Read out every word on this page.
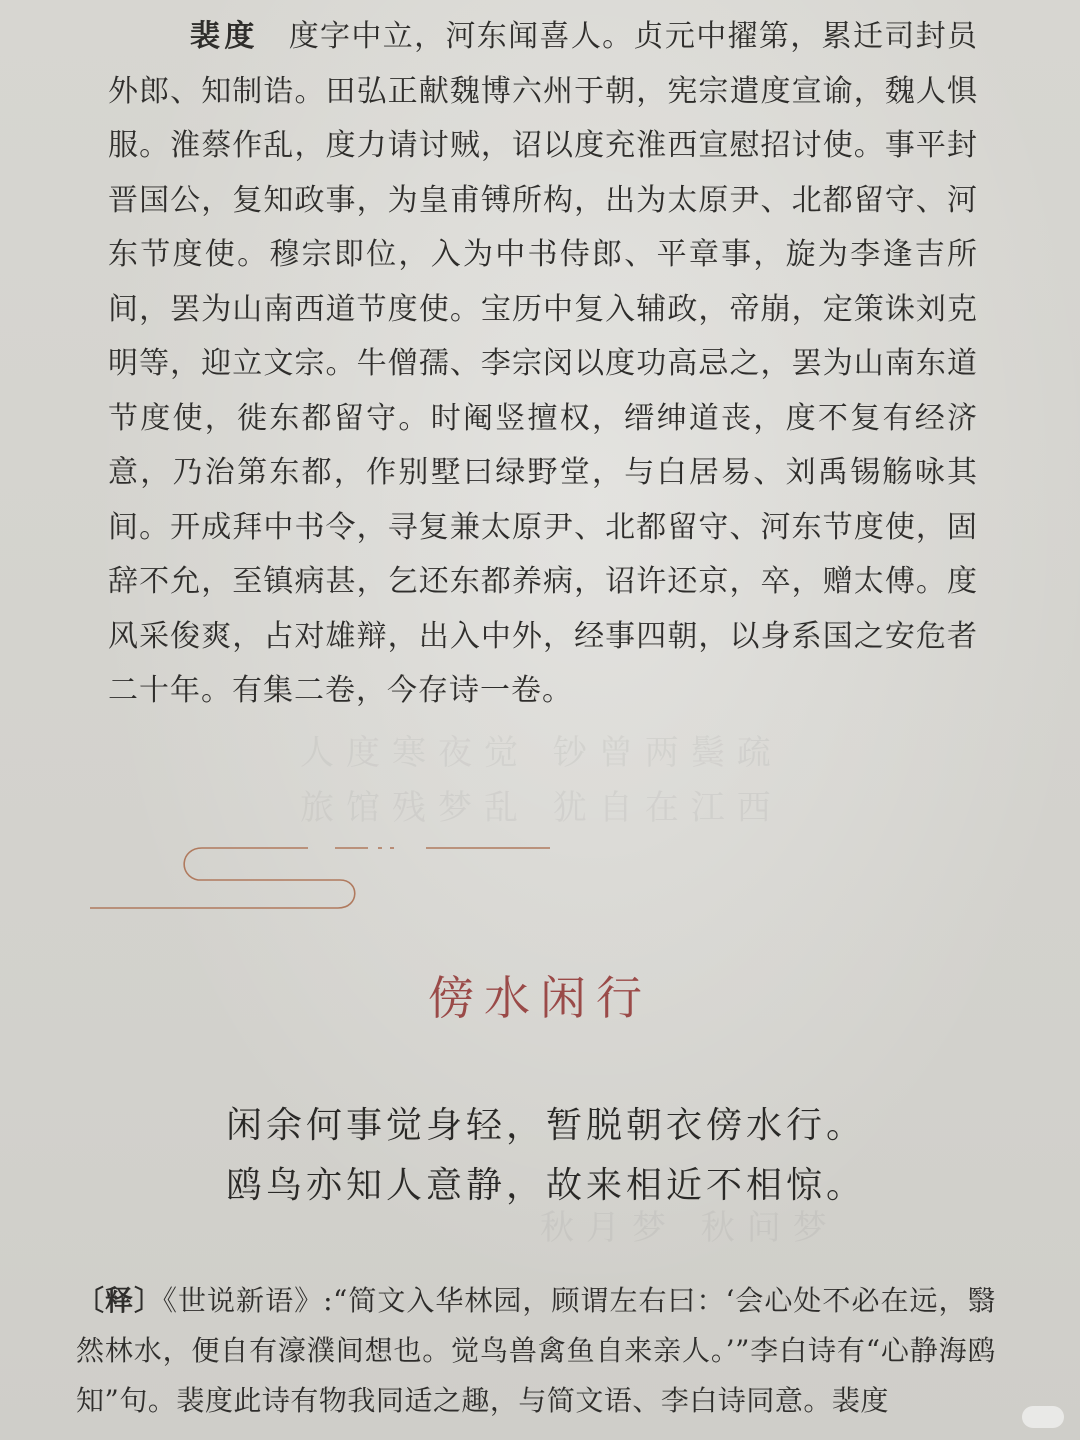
人度寒夜觉 钞曾两鬓疏
旅馆残梦乱 犹自在江西
秋月梦 秋问梦
裴度 度字中立，河东闻喜人。贞元中擢第，累迁司封员外郎、知制诰。田弘正献魏博六州于朝，宪宗遣度宣谕，魏人惧服。淮蔡作乱，度力请讨贼，诏以度充淮西宣慰招讨使。事平封晋国公，复知政事，为皇甫镈所构，出为太原尹、北都留守、河东节度使。穆宗即位，入为中书侍郎、平章事，旋为李逢吉所间，罢为山南西道节度使。宝历中复入辅政，帝崩，定策诛刘克明等，迎立文宗。牛僧孺、李宗闵以度功高忌之，罢为山南东道节度使，徙东都留守。时阉竖擅权，缙绅道丧，度不复有经济意，乃治第东都，作别墅曰绿野堂，与白居易、刘禹锡觞咏其间。开成拜中书令，寻复兼太原尹、北都留守、河东节度使，固辞不允，至镇病甚，乞还东都养病，诏许还京，卒，赠太傅。度风采俊爽，占对雄辩，出入中外，经事四朝，以身系国之安危者二十年。有集二卷，今存诗一卷。
傍水闲行
闲余何事觉身轻，暂脱朝衣傍水行。
鸥鸟亦知人意静，故来相近不相惊。
〔释〕《世说新语》:“简文入华林园，顾谓左右曰：‘会心处不必在远，翳然林水，便自有濠濮间想也。觉鸟兽禽鱼自来亲人。’”李白诗有“心静海鸥知”句。裴度此诗有物我同适之趣，与简文语、李白诗同意。裴度
